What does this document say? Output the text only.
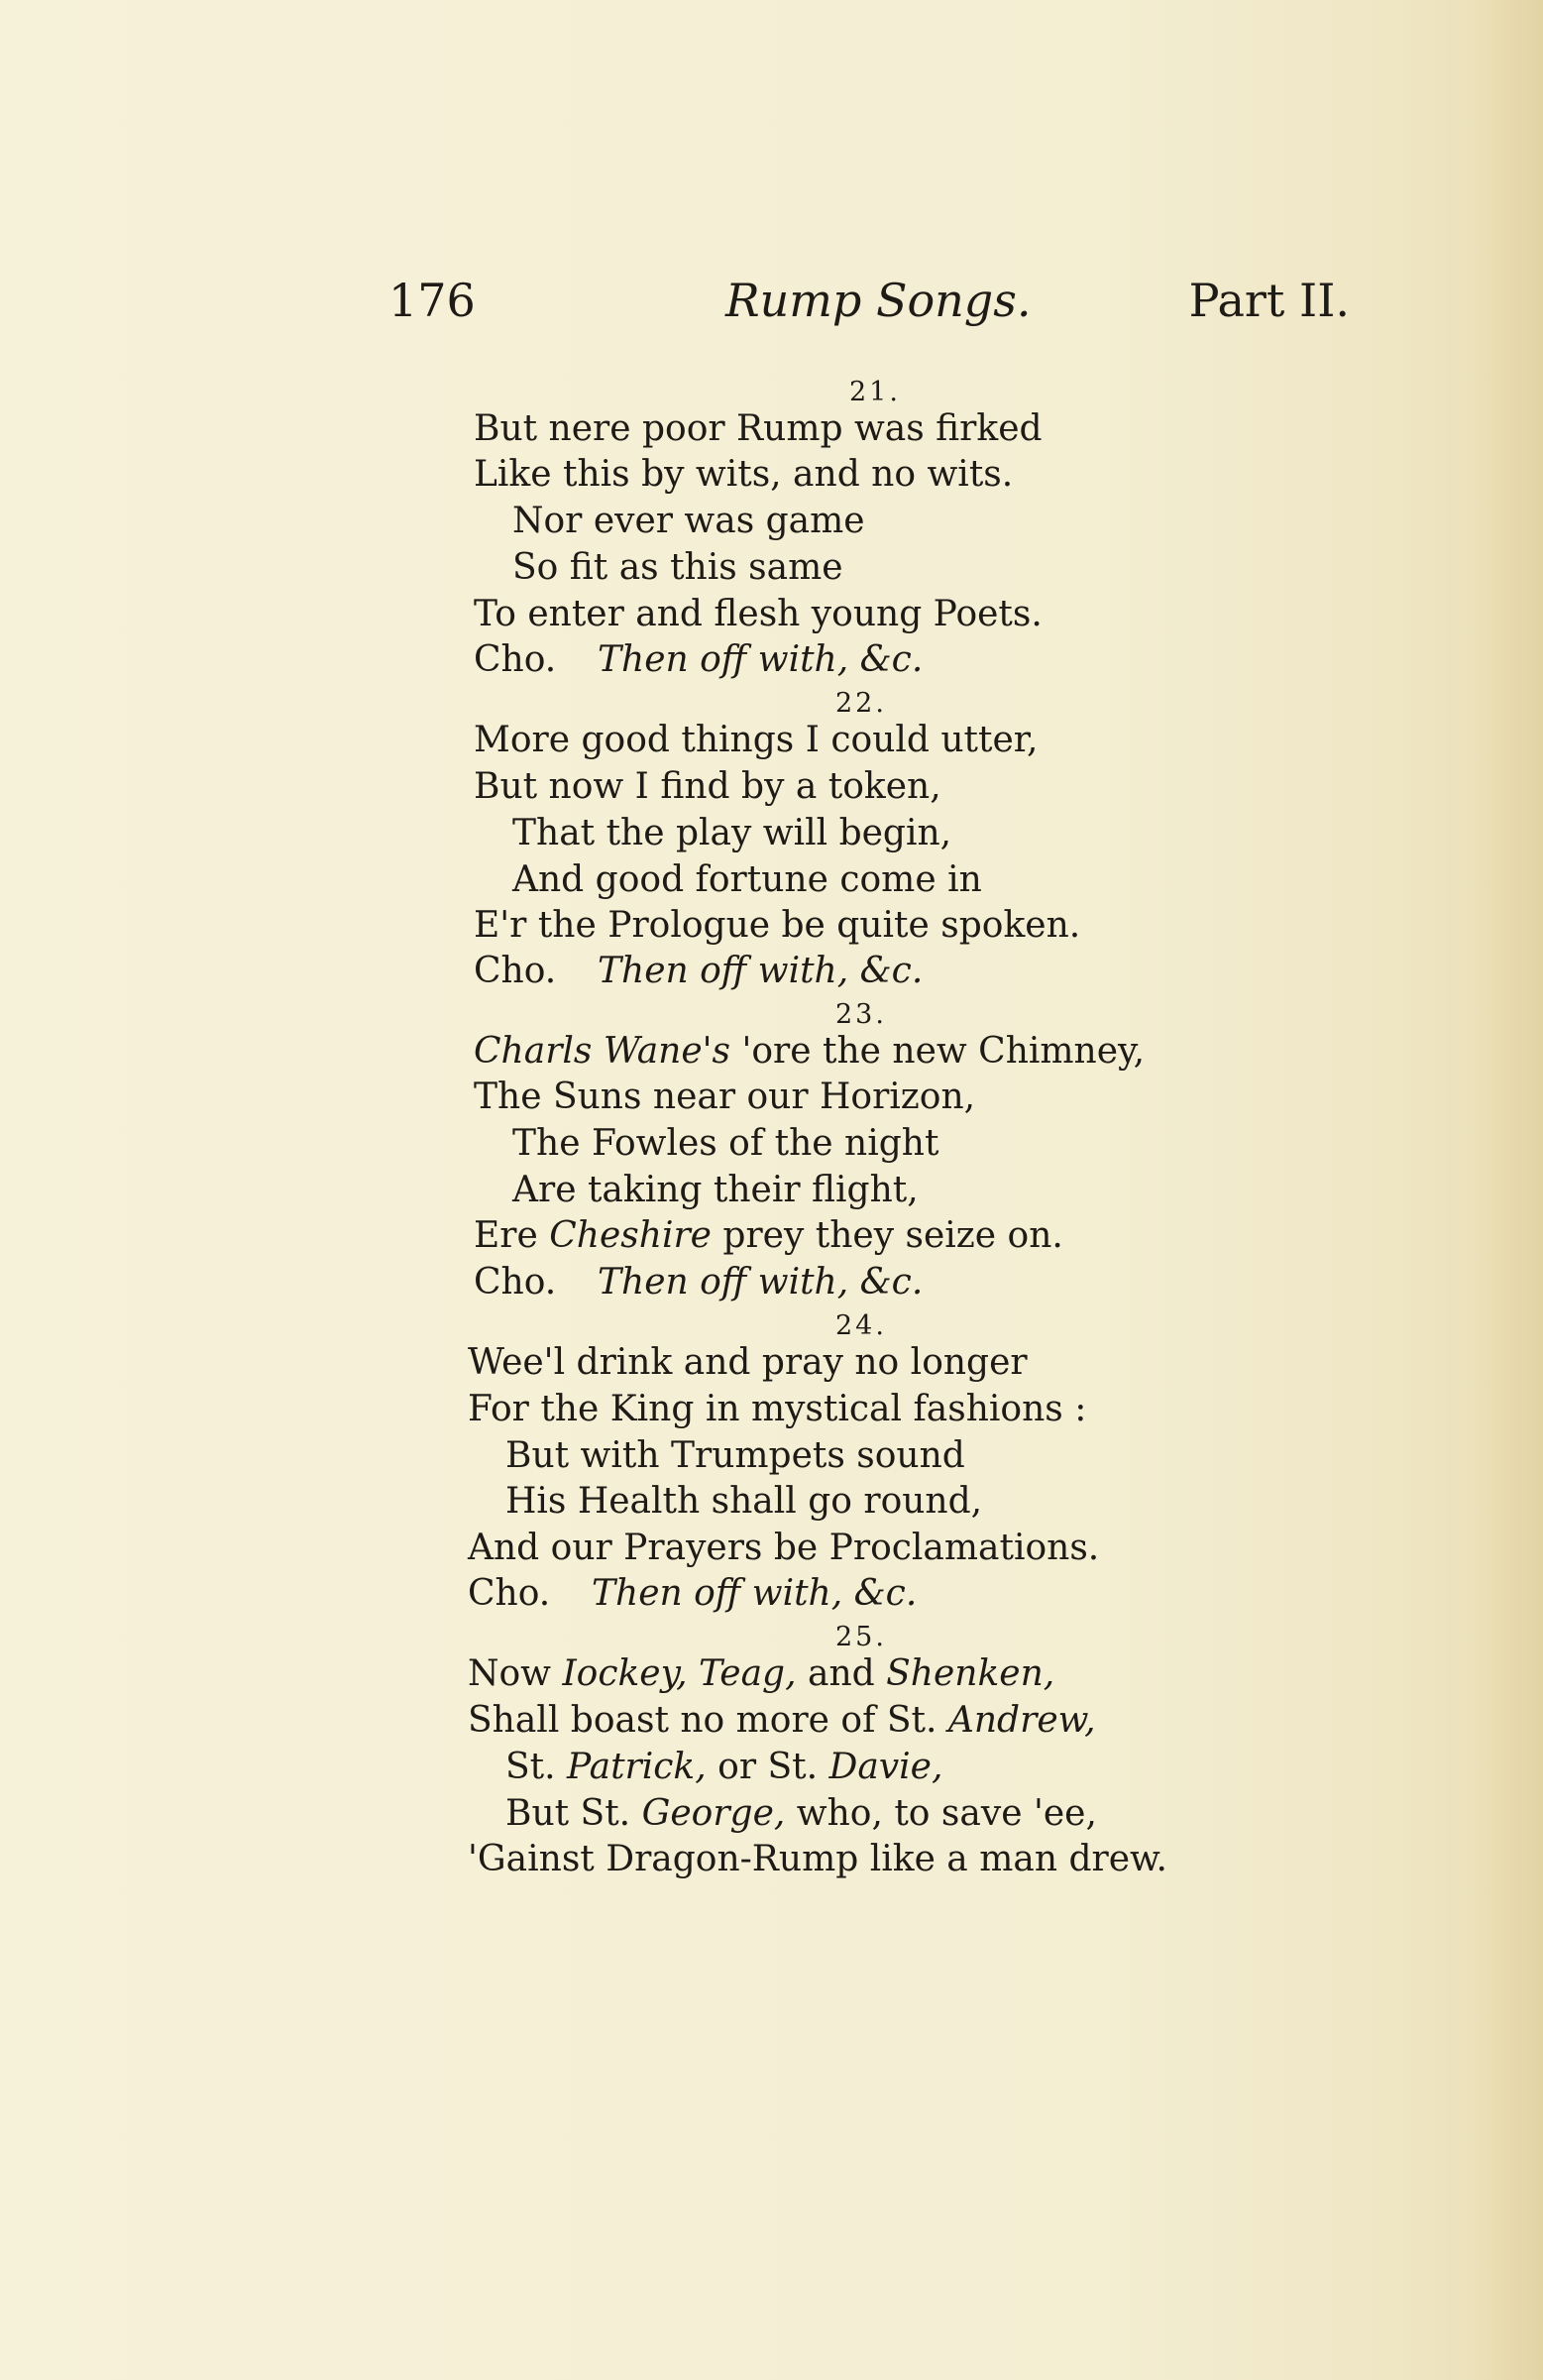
176	Rump Songs.	Part II.
21.
But nere poor Rump was firked
Like this by wits, and no wits.
Nor ever was game
So fit as this same
To enter and flesh young Poets.
Cho. Then off with, &c.
22.
More good things I could utter,
But now I find by a token,
That the play will begin,
And good fortune come in
E'r the Prologue be quite spoken.
Cho. Then off with, &c.
23.
Charls Wane's 'ore the new Chimney,
The Suns near our Horizon,
The Fowles of the night
Are taking their flight,
Ere Cheshire prey they seize on.
Cho. Then off with, &c.
24.
Wee'l drink and pray no longer
For the King in mystical fashions :
But with Trumpets sound
His Health shall go round,
And our Prayers be Proclamations.
Cho. Then off with, &c.
25.
Now Iockey, Teag, and Shenken,
Shall boast no more of St. Andrew,
St. Patrick, or St. Davie,
But St. George, who, to save 'ee,
'Gainst Dragon-Rump like a man drew.
